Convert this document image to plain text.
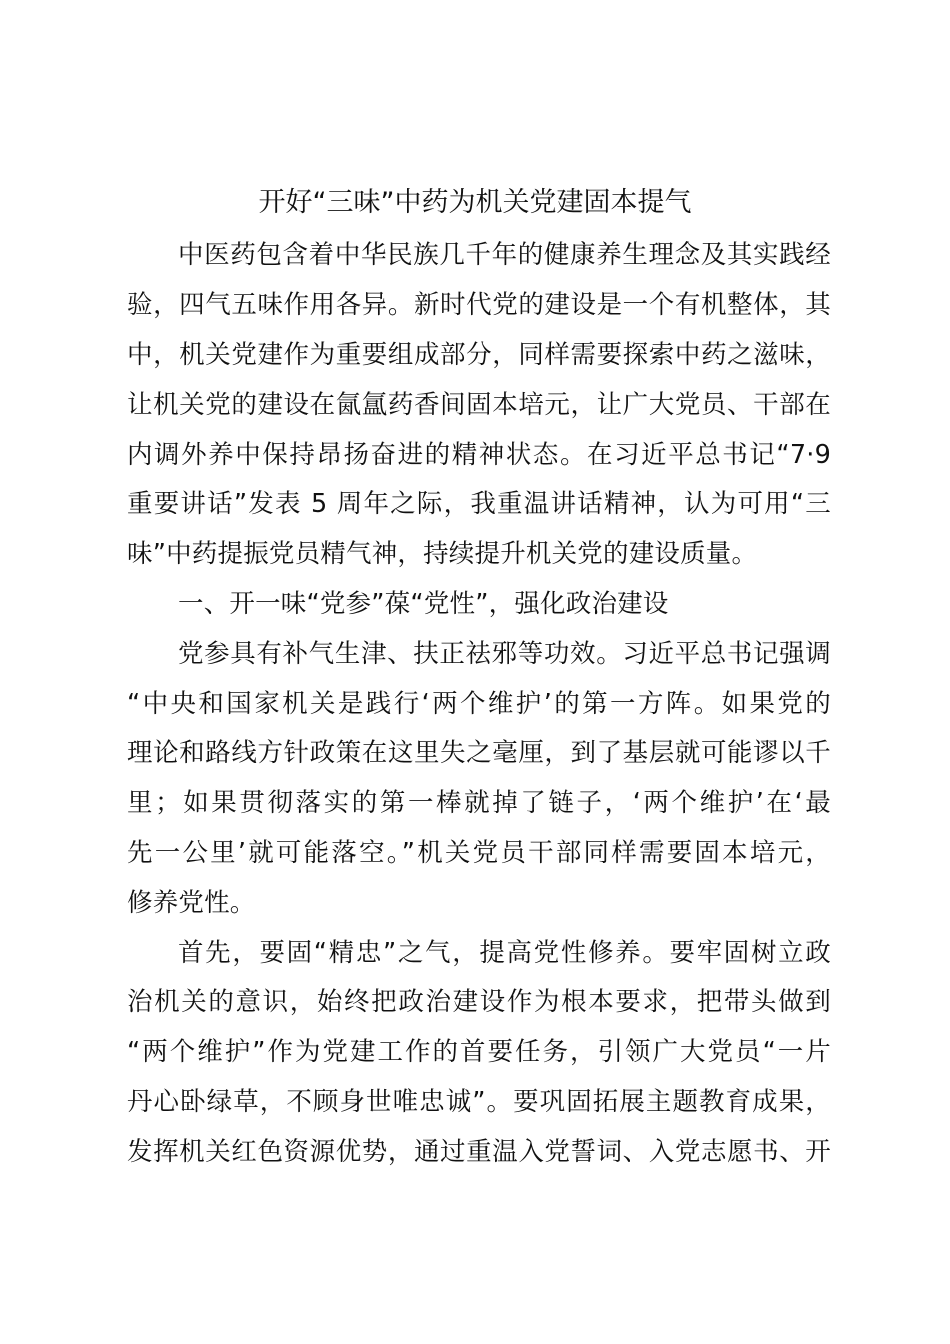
开好“三味”中药为机关党建固本提气
中医药包含着中华民族几千年的健康养生理念及其实践经
验，四气五味作用各异。新时代党的建设是一个有机整体，其
中，机关党建作为重要组成部分，同样需要探索中药之滋味，
让机关党的建设在氤氲药香间固本培元，让广大党员、干部在
内调外养中保持昂扬奋进的精神状态。在习近平总书记“7·9
重要讲话”发表 5 周年之际，我重温讲话精神，认为可用“三
味”中药提振党员精气神，持续提升机关党的建设质量。
一、开一味“党参”葆“党性”，强化政治建设
党参具有补气生津、扶正祛邪等功效。习近平总书记强调
“中央和国家机关是践行‘两个维护’的第一方阵。如果党的
理论和路线方针政策在这里失之毫厘，到了基层就可能谬以千
里；如果贯彻落实的第一棒就掉了链子，‘两个维护’在‘最
先一公里’就可能落空。”机关党员干部同样需要固本培元，
修养党性。
首先，要固“精忠”之气，提高党性修养。要牢固树立政
治机关的意识，始终把政治建设作为根本要求，把带头做到
“两个维护”作为党建工作的首要任务，引领广大党员“一片
丹心卧绿草，不顾身世唯忠诚”。要巩固拓展主题教育成果，
发挥机关红色资源优势，通过重温入党誓词、入党志愿书、开
